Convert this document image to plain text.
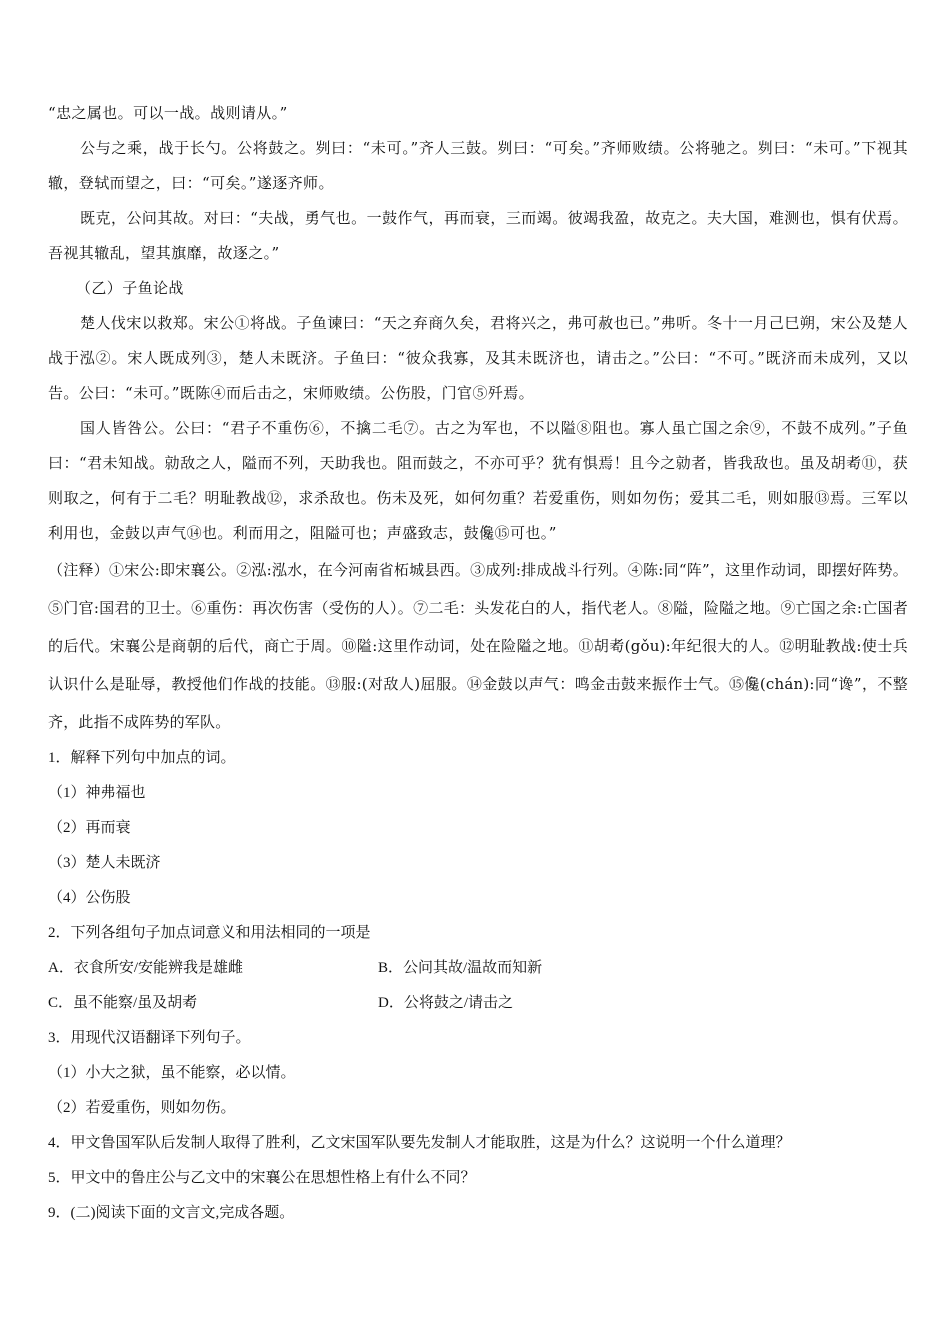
“忠之属也。可以一战。战则请从。”

公与之乘，战于长勺。公将鼓之。刿曰：“未可。”齐人三鼓。刿曰：“可矣。”齐师败绩。公将驰之。刿曰：“未可。”下视其辙，登轼而望之，曰：“可矣。”遂逐齐师。

既克，公问其故。对曰：“夫战，勇气也。一鼓作气，再而衰，三而竭。彼竭我盈，故克之。夫大国，难测也，惧有伏焉。吾视其辙乱，望其旗靡，故逐之。”

（乙）子鱼论战

楚人伐宋以救郑。宋公①将战。子鱼谏曰：“天之弃商久矣，君将兴之，弗可赦也已。”弗听。冬十一月己巳朔，宋公及楚人战于泓②。宋人既成列③，楚人未既济。子鱼曰：“彼众我寡，及其未既济也，请击之。”公曰：“不可。”既济而未成列，又以告。公曰：“未可。”既陈④而后击之，宋师败绩。公伤股，门官⑤歼焉。

国人皆咎公。公曰：“君子不重伤⑥，不擒二毛⑦。古之为军也，不以隘⑧阻也。寡人虽亡国之余⑨，不鼓不成列。”子鱼曰：“君未知战。勍敌之人，隘而不列，天助我也。阻而鼓之，不亦可乎？犹有惧焉！且今之勍者，皆我敌也。虽及胡耇⑪，获则取之，何有于二毛？明耻教战⑫，求杀敌也。伤未及死，如何勿重？若爱重伤，则如勿伤；爱其二毛，则如服⑬焉。三军以利用也，金鼓以声气⑭也。利而用之，阻隘可也；声盛致志，鼓儳⑮可也。”

（注释）①宋公:即宋襄公。②泓:泓水，在今河南省柘城县西。③成列:排成战斗行列。④陈:同“阵”，这里作动词，即摆好阵势。⑤门官:国君的卫士。⑥重伤：再次伤害（受伤的人）。⑦二毛：头发花白的人，指代老人。⑧隘，险隘之地。⑨亡国之余:亡国者的后代。宋襄公是商朝的后代，商亡于周。⑩隘:这里作动词，处在险隘之地。⑪胡耇(gǒu):年纪很大的人。⑫明耻教战:使士兵认识什么是耻辱，教授他们作战的技能。⑬服:(对敌人)屈服。⑭金鼓以声气：鸣金击鼓来振作士气。⑮儳(chán):同“谗”，不整齐，此指不成阵势的军队。

1．解释下列句中加点的词。

（1）神弗福也

（2）再而衰

（3）楚人未既济

（4）公伤股

2．下列各组句子加点词意义和用法相同的一项是

A．衣食所安/安能辨我是雄雌	B．公问其故/温故而知新
C．虽不能察/虽及胡耇	D．公将鼓之/请击之

3．用现代汉语翻译下列句子。

（1）小大之狱，虽不能察，必以情。

（2）若爱重伤，则如勿伤。

4．甲文鲁国军队后发制人取得了胜利，乙文宋国军队要先发制人才能取胜，这是为什么？这说明一个什么道理？

5．甲文中的鲁庄公与乙文中的宋襄公在思想性格上有什么不同？

9．(二)阅读下面的文言文,完成各题。
